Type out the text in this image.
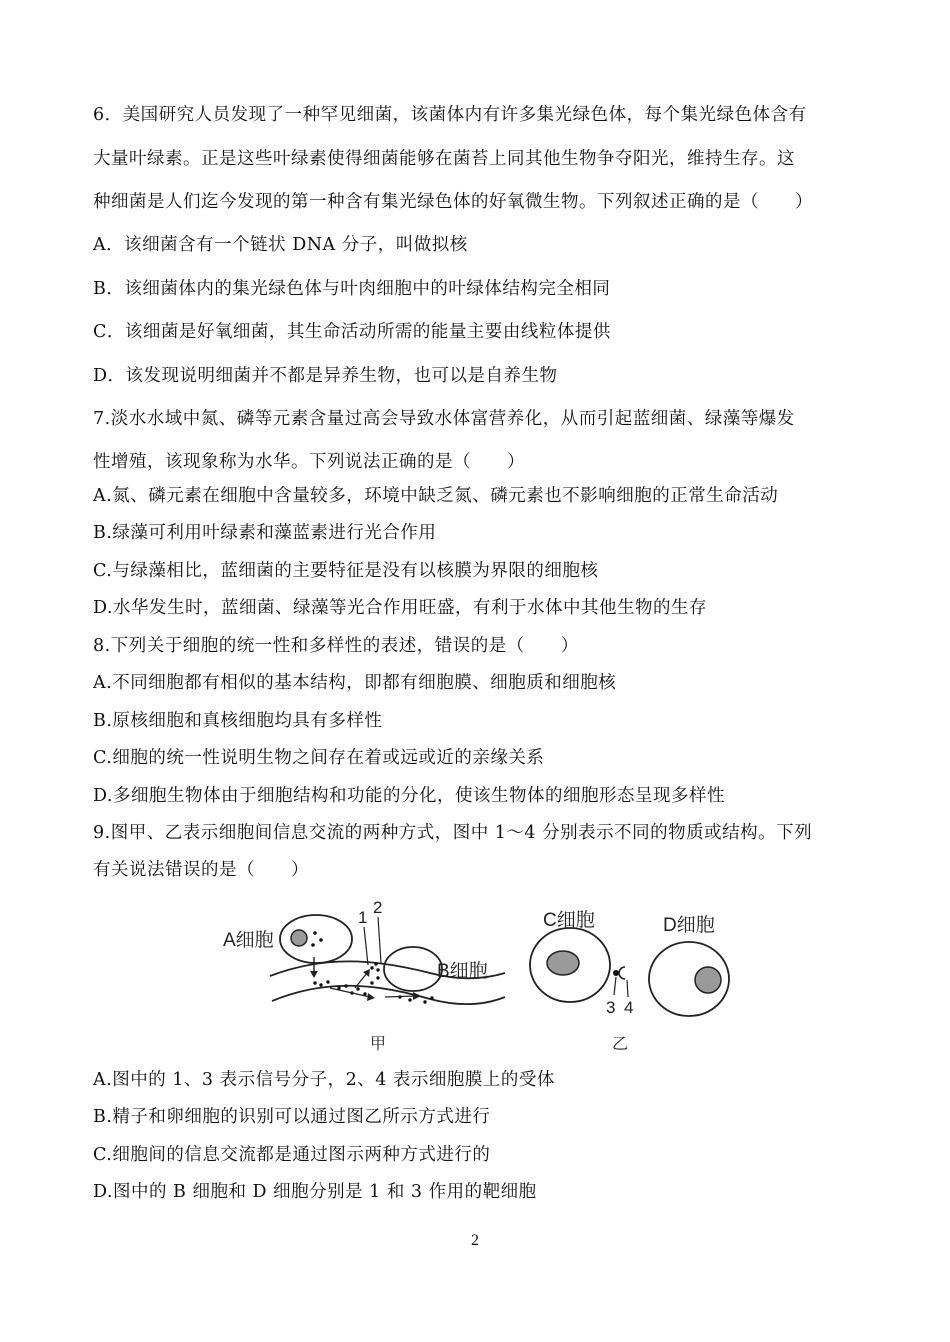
6．美国研究人员发现了一种罕见细菌，该菌体内有许多集光绿色体，每个集光绿色体含有
大量叶绿素。正是这些叶绿素使得细菌能够在菌苔上同其他生物争夺阳光，维持生存。这
种细菌是人们迄今发现的第一种含有集光绿色体的好氧微生物。下列叙述正确的是（　　）
A．该细菌含有一个链状 DNA 分子，叫做拟核
B．该细菌体内的集光绿色体与叶肉细胞中的叶绿体结构完全相同
C．该细菌是好氧细菌，其生命活动所需的能量主要由线粒体提供
D．该发现说明细菌并不都是异养生物，也可以是自养生物
7.淡水水域中氮、磷等元素含量过高会导致水体富营养化，从而引起蓝细菌、绿藻等爆发
性增殖，该现象称为水华。下列说法正确的是（　　）
A.氮、磷元素在细胞中含量较多，环境中缺乏氮、磷元素也不影响细胞的正常生命活动
B.绿藻可利用叶绿素和藻蓝素进行光合作用
C.与绿藻相比，蓝细菌的主要特征是没有以核膜为界限的细胞核
D.水华发生时，蓝细菌、绿藻等光合作用旺盛，有利于水体中其他生物的生存
8.下列关于细胞的统一性和多样性的表述，错误的是（　　）
A.不同细胞都有相似的基本结构，即都有细胞膜、细胞质和细胞核
B.原核细胞和真核细胞均具有多样性
C.细胞的统一性说明生物之间存在着或远或近的亲缘关系
D.多细胞生物体由于细胞结构和功能的分化，使该生物体的细胞形态呈现多样性
9.图甲、乙表示细胞间信息交流的两种方式，图中 1～4 分别表示不同的物质或结构。下列
有关说法错误的是（　　）
A细胞
B细胞
1
2
甲
C细胞	D细胞
3 4
乙
A.图中的 1、3 表示信号分子，2、4 表示细胞膜上的受体
B.精子和卵细胞的识别可以通过图乙所示方式进行
C.细胞间的信息交流都是通过图示两种方式进行的
D.图中的 B 细胞和 D 细胞分别是 1 和 3 作用的靶细胞
2
